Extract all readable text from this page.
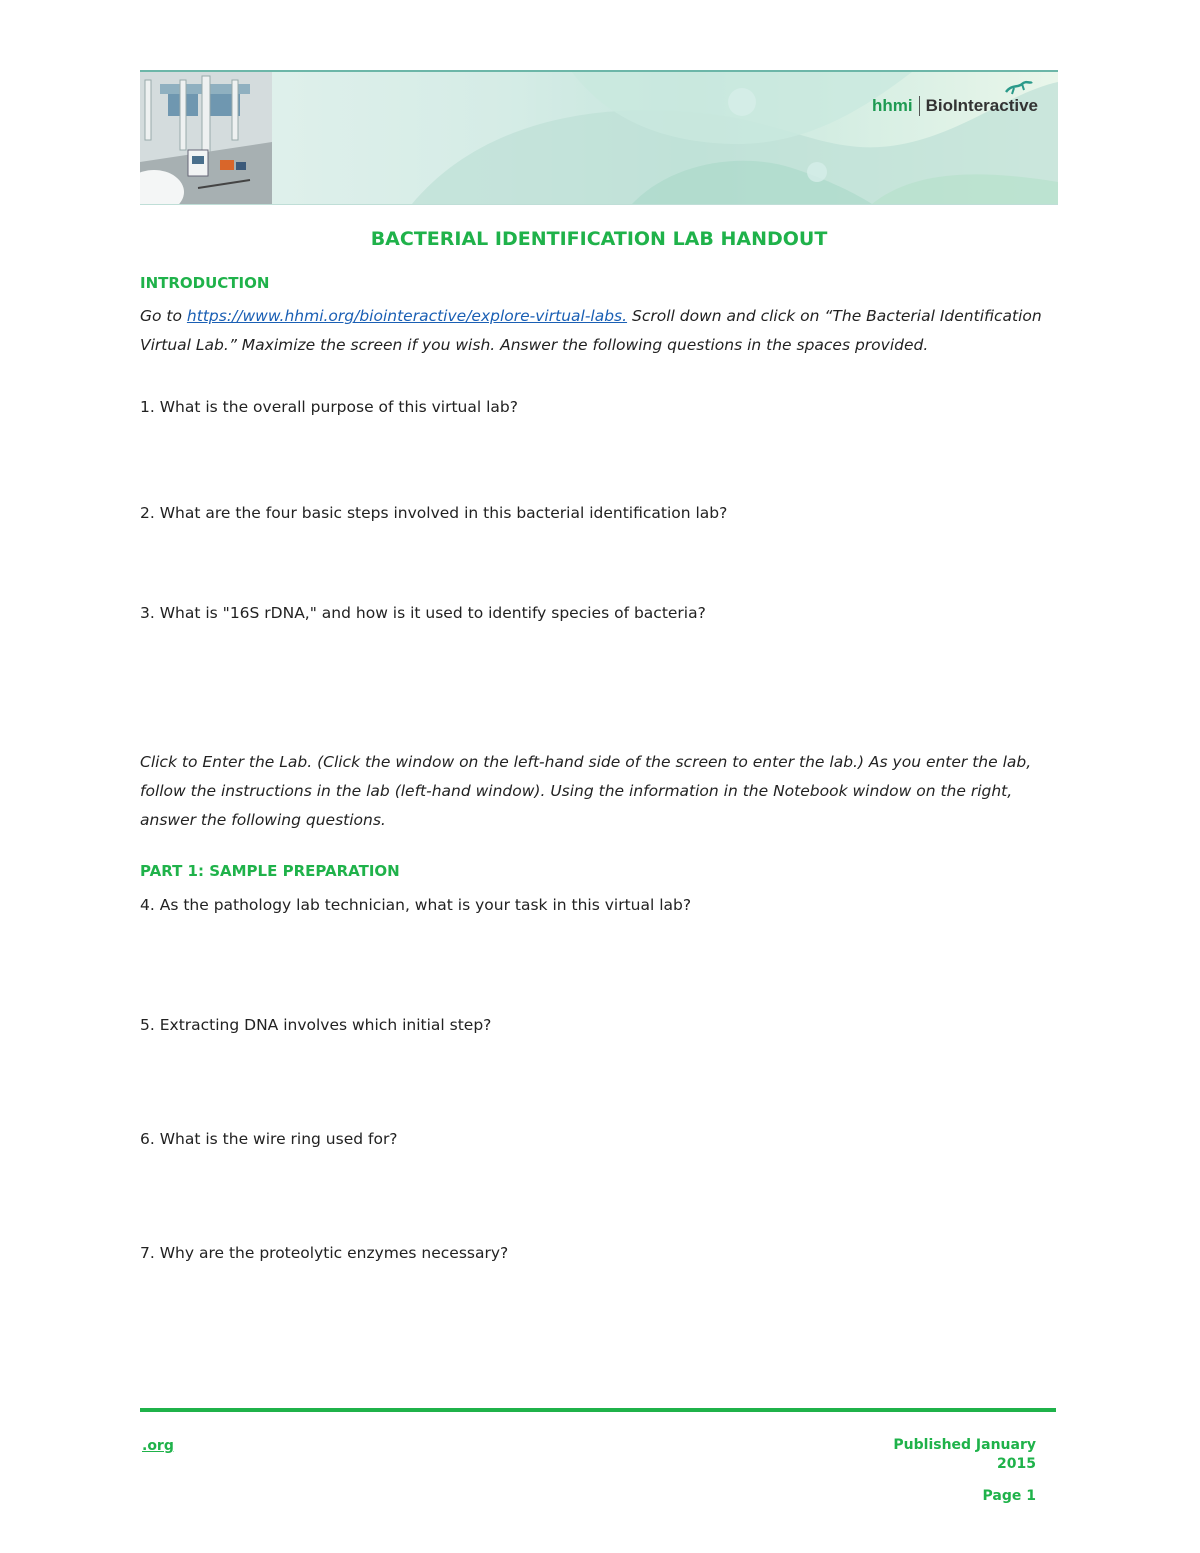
hhmi BioInteractive
BACTERIAL IDENTIFICATION LAB HANDOUT
INTRODUCTION
Go to https://www.hhmi.org/biointeractive/explore-virtual-labs. Scroll down and click on “The Bacterial Identification Virtual Lab.” Maximize the screen if you wish. Answer the following questions in the spaces provided.
1. What is the overall purpose of this virtual lab?
2. What are the four basic steps involved in this bacterial identification lab?
3. What is "16S rDNA," and how is it used to identify species of bacteria?
Click to Enter the Lab. (Click the window on the left-hand side of the screen to enter the lab.) As you enter the lab, follow the instructions in the lab (left-hand window). Using the information in the Notebook window on the right, answer the following questions.
PART 1: SAMPLE PREPARATION
4. As the pathology lab technician, what is your task in this virtual lab?
5. Extracting DNA involves which initial step?
6. What is the wire ring used for?
7. Why are the proteolytic enzymes necessary?
.org	Published January
2015
Page 1
